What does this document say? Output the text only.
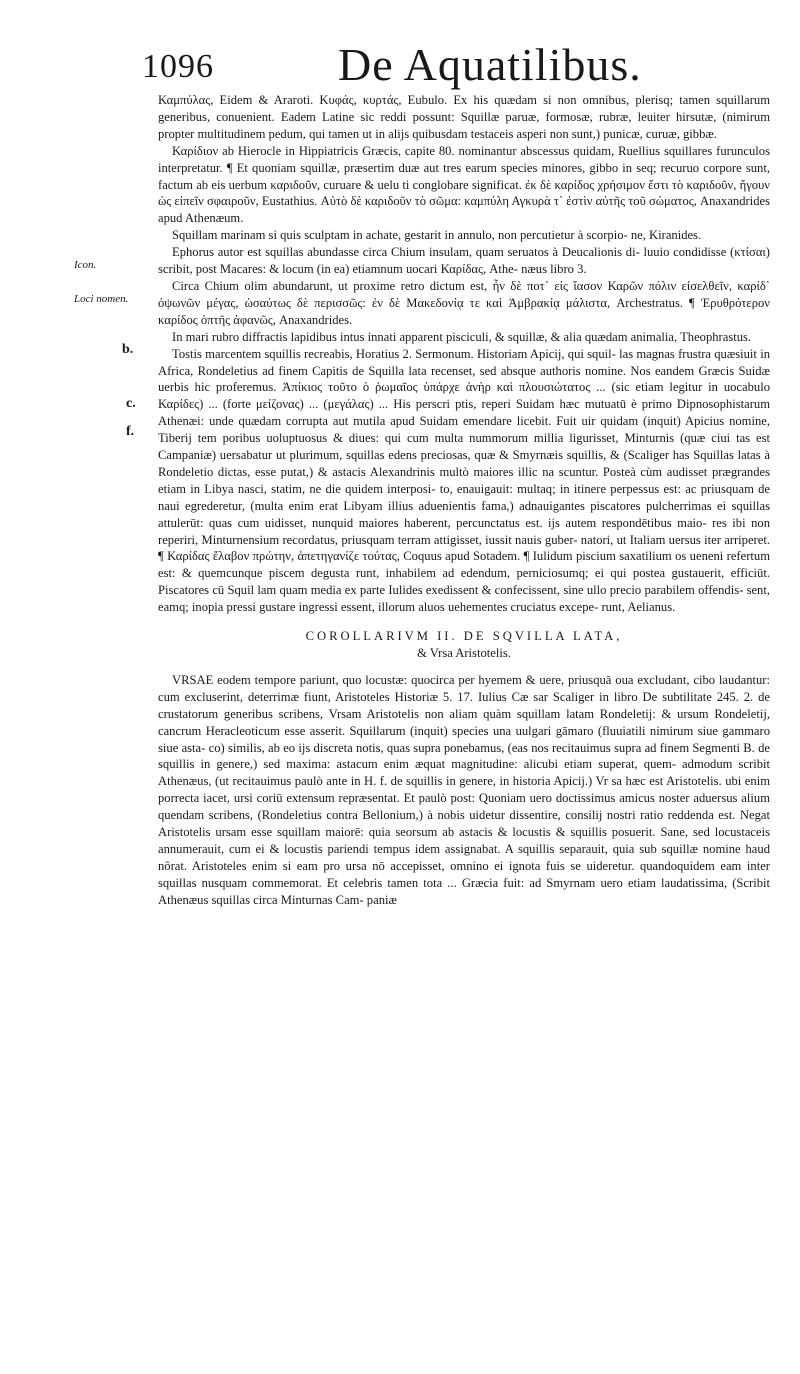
1096	De Aquatilibus.
Icon.
Loci nomen.
b.
c.
f.

Καμπύλας, Eidem & Araroti. Κυφάς, κυρτάς, Eubulo. Ex his quædam si non omnibus, plerisq; tamen squillarum generibus, conuenient. Eadem Latine sic reddi possunt: Squillæ paruæ, formosæ, rubræ, leuiter hirsutæ, (nimirum propter multitudinem pedum, qui tamen ut in alijs quibusdam testaceis asperi non sunt,) punicæ, curuæ, gibbæ.

Καρίδιον ab Hierocle in Hippiatricis Græcis, capite 80. nominantur abscessus quidam, Ruellius squillares furunculos interpretatur. ¶ Et quoniam squillæ, præsertim duæ aut tres earum species minores, gibbo in seq; recuruo corpore sunt, factum ab eis uerbum καριδοῦν, curuare & uelu ti conglobare significat. ἐκ δὲ καρίδος χρήσιμον ἔστι τὸ καριδοῦν, ἤγουν ὡς εἰπεῖν σφαιροῦν, Eustathius. Αὐτὸ δὲ καριδοῦν τὸ σῶμα: καμπύλη Αγκυρὰ τ᾽ ἐστὶν αὐτῆς τοῦ σώματος, Anaxandrides apud Athenæum.

Squillam marinam si quis sculptam in achate, gestarit in annulo, non percutietur à scorpio- ne, Kiranides.

Ephorus autor est squillas abundasse circa Chium insulam, quam seruatos à Deucalionis di- luuio condidisse (κτίσαι) scribit, post Macares: & locum (in ea) etiamnum uocari Καρίδας, Athe- næus libro 3.

Circa Chium olim abundarunt, ut proxime retro dictum est, ἦν δὲ ποτ᾽ εἰς ἴασον Καρῶν πόλιν εἰσελθεῖν, καρίδ᾽ ὀψωνῶν μέγας, ὡσαύτως δὲ περισσῶς: ἐν δὲ Μακεδονίᾳ τε καὶ Ἀμβρακίᾳ μάλιστα, Archestratus. ¶ Ἐρυθρότερον καρίδος ὀπτῆς ἀφανῶς, Anaxandrides.

In mari rubro diffractis lapidibus intus innati apparent pisciculi, & squillæ, & alia quædam animalia, Theophrastus.

Tostis marcentem squillis recreabis, Horatius 2. Sermonum. Historiam Apicij, qui squil- las magnas frustra quæsiuit in Africa, Rondeletius ad finem Capitis de Squilla lata recenset, sed absque authoris nomine. Nos eandem Græcis Suidæ uerbis hic proferemus. Ἀπίκιος τοῦτο ὁ ῥωμαῖος ὑπάρχε ἀνὴρ καὶ πλουσιώτατος ... (sic etiam legitur in uocabulo Καρίδες) ... (forte μείζονας) ... (μεγάλας) ... His perscri ptis, reperi Suidam hæc mutuatū è primo Dipnosophistarum Athenæi: unde quædam corrupta aut mutila apud Suidam emendare licebit. Fuit uir quidam (inquit) Apicius nomine, Tiberij tem poribus uoluptuosus & diues: qui cum multa nummorum millia ligurisset, Minturnis (quæ ciui tas est Campaniæ) uersabatur ut plurimum, squillas edens preciosas, quæ & Smyrnæis squillis, & (Scaliger has Squillas latas à Rondeletio dictas, esse putat,) & astacis Alexandrinis multò maiores illic na scuntur. Posteà cùm audisset prægrandes etiam in Libya nasci, statim, ne die quidem interposi- to, enauigauit: multaq; in itinere perpessus est: ac priusquam de naui egrederetur, (multa enim erat Libyam illius aduenientis fama,) adnauigantes piscatores pulcherrimas ei squillas attulerūt: quas cum uidisset, nunquid maiores haberent, percunctatus est. ijs autem respondētibus maio- res ibi non reperiri, Minturnensium recordatus, priusquam terram attigisset, iussit nauis guber- natori, ut Italiam uersus iter arriperet. ¶ Καρίδας ἔλαβον πρώτην, ἀπετηγανίζε τούτας, Coquus apud Sotadem. ¶ Iulidum piscium saxatilium os ueneni refertum est: & quemcunque piscem degusta runt, inhabilem ad edendum, perniciosumq; ei qui postea gustauerit, efficiūt. Piscatores cū Squil lam quam media ex parte Iulides exedissent & confecissent, sine ullo precio parabilem offendis- sent, eamq; inopia pressi gustare ingressi essent, illorum aluos uehementes cruciatus excepe- runt, Aelianus.

COROLLARIVM II. DE SQVILLA LATA,
& Vrsa Aristotelis.

VRSAE eodem tempore pariunt, quo locustæ: quocirca per hyemem & uere, priusquā oua excludant, cibo laudantur: cum excluserint, deterrimæ fiunt, Aristoteles Historiæ 5. 17. Iulius Cæ sar Scaliger in libro De subtilitate 245. 2. de crustatorum generibus scribens, Vrsam Aristotelis non aliam quàm squillam latam Rondeletij: & ursum Rondeletij, cancrum Heracleoticum esse asserit. Squillarum (inquit) species una uulgari gāmaro (fluuiatili nimirum siue gammaro siue asta- co) similis, ab eo ijs discreta notis, quas supra ponebamus, (eas nos recitauimus supra ad finem Segmenti B. de squillis in genere,) sed maxima: astacum enim æquat magnitudine: alicubi etiam superat, quem- admodum scribit Athenæus, (ut recitauimus paulò ante in H. f. de squillis in genere, in historia Apicij.) Vr sa hæc est Aristotelis. ubi enim porrecta iacet, ursi coriū extensum repræsentat. Et paulò post: Quoniam uero doctissimus amicus noster aduersus alium quendam scribens, (Rondeletius contra Bellonium,) à nobis uidetur dissentire, consilij nostri ratio reddenda est. Negat Aristotelis ursam esse squillam maiorē: quia seorsum ab astacis & locustis & squillis posuerit. Sane, sed locustaceis annumerauit, cum ei & locustis pariendi tempus idem assignabat. A squillis separauit, quia sub squillæ nomine haud nôrat. Aristoteles enim si eam pro ursa nō accepisset, omnino ei ignota fuis se uideretur. quandoquidem eam inter squillas nusquam commemorat. Et celebris tamen tota ... Græcia fuit: ad Smyrnam uero etiam laudatissima, (Scribit Athenæus squillas circa Minturnas Cam- paniæ
